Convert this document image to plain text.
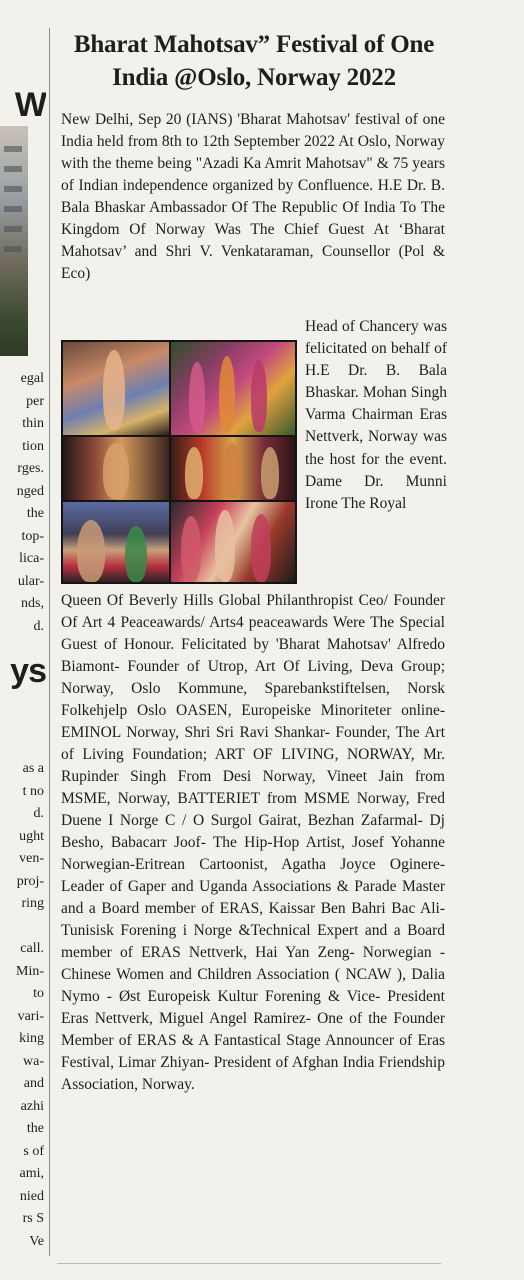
W
egal
per
thin
tion
rges.
nged
the
top-
lica-
ular-
nds,
d.
ys
as a
t no
d.
ught
ven-
proj-
ring
call.
Min-
to
vari-
king
wa-
and
azhi
the
s of
ami,
nied
rs S
Ve
Bharat Mahotsav” Festival of One India @Oslo, Norway 2022

New Delhi, Sep 20 (IANS) 'Bharat Mahotsav' festival of one India held from 8th to 12th September 2022 At Oslo, Norway with the theme being "Azadi Ka Amrit Mahotsav" & 75 years of Indian independence organized by Confluence. H.E Dr. B. Bala Bhaskar Ambassador Of The Republic Of India To The Kingdom Of Norway Was The Chief Guest At ‘Bharat Mahotsav’ and Shri V. Venkataraman, Counsellor (Pol & Eco)

Head of Chancery was felicitated on behalf of H.E Dr. B. Bala Bhaskar. Mohan Singh Varma Chairman Eras Nettverk, Norway was the host for the event. Dame Dr. Munni Irone The Royal

Queen Of Beverly Hills Global Philanthropist Ceo/ Founder Of Art 4 Peaceawards/ Arts4 peaceawards Were The Special Guest of Honour. Felicitated by 'Bharat Mahotsav' Alfredo Biamont- Founder of Utrop, Art Of Living, Deva Group; Norway, Oslo Kommune, Sparebankstiftelsen, Norsk Folkehjelp Oslo OASEN, Europeiske Minoriteter online- EMINOL Norway, Shri Sri Ravi Shankar- Founder, The Art of Living Foundation; ART OF LIVING, NORWAY, Mr. Rupinder Singh From Desi Norway, Vineet Jain from MSME, Norway, BATTERIET from MSME Norway, Fred Duene I Norge C / O Surgol Gairat, Bezhan Zafarmal- Dj Besho, Babacarr Joof- The Hip-Hop Artist, Josef Yohanne Norwegian-Eritrean Cartoonist, Agatha Joyce Oginere- Leader of Gaper and Uganda Associations & Parade Master and a Board member of ERAS, Kaissar Ben Bahri Bac Ali- Tunisisk Forening i Norge &Technical Expert and a Board member of ERAS Nettverk, Hai Yan Zeng- Norwegian - Chinese Women and Children Association ( NCAW ), Dalia Nymo - Øst Europeisk Kultur Forening & Vice- President Eras Nettverk, Miguel Angel Ramirez- One of the Founder Member of ERAS & A Fantastical Stage Announcer of Eras Festival, Limar Zhiyan- President of Afghan India Friendship Association, Norway.
